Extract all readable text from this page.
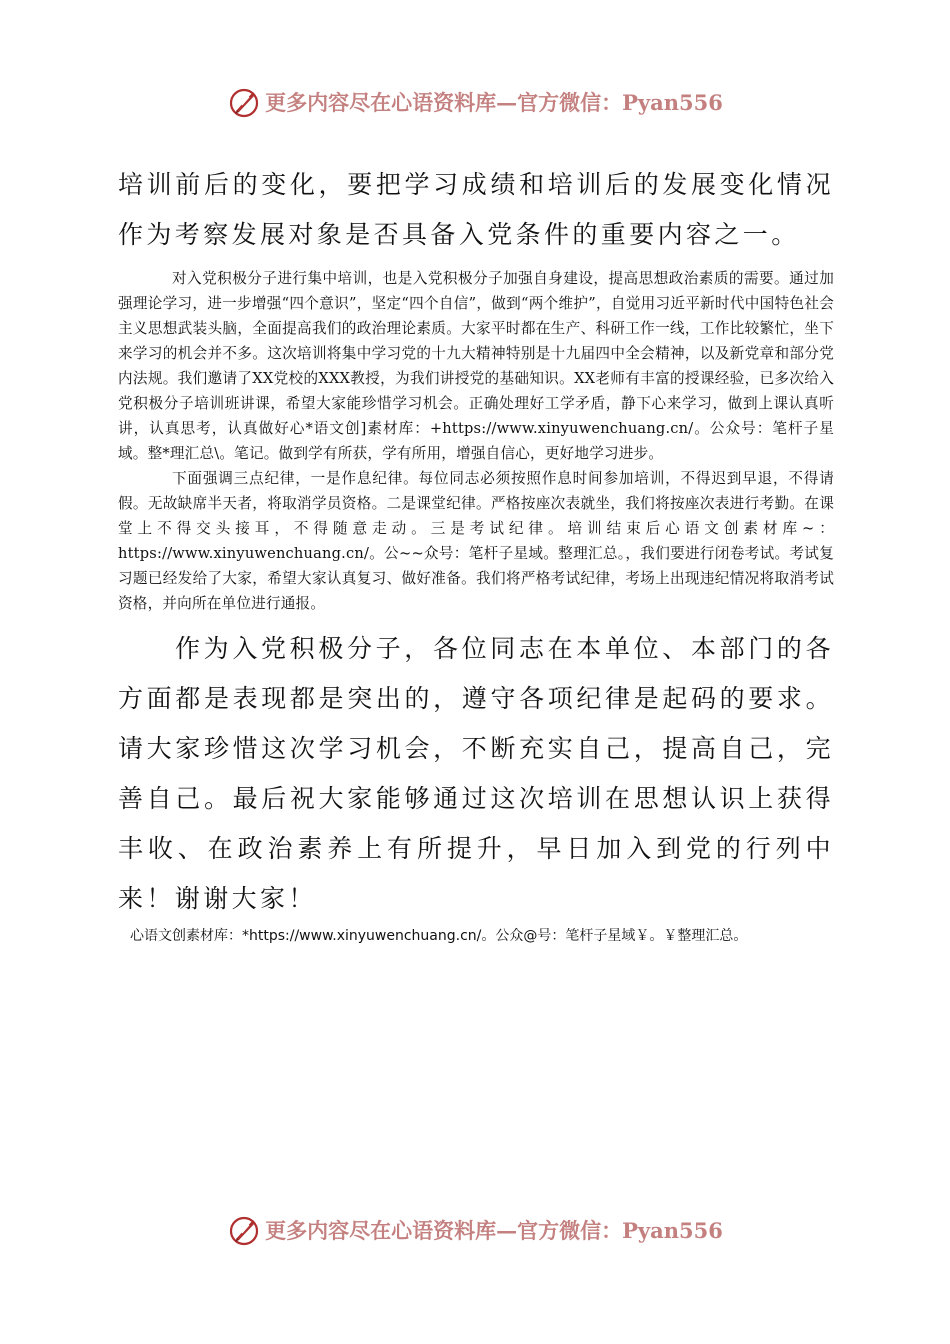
更多内容尽在心语资料库—官方微信：Pyan556

培训前后的变化，要把学习成绩和培训后的发展变化情况作为考察发展对象是否具备入党条件的重要内容之一。

对入党积极分子进行集中培训，也是入党积极分子加强自身建设，提高思想政治素质的需要。通过加强理论学习，进一步增强“四个意识”，坚定“四个自信”，做到“两个维护”，自觉用习近平新时代中国特色社会主义思想武装头脑，全面提高我们的政治理论素质。大家平时都在生产、科研工作一线，工作比较繁忙，坐下来学习的机会并不多。这次培训将集中学习党的十九大精神特别是十九届四中全会精神，以及新党章和部分党内法规。我们邀请了XX党校的XXX教授，为我们讲授党的基础知识。XX老师有丰富的授课经验，已多次给入党积极分子培训班讲课，希望大家能珍惜学习机会。正确处理好工学矛盾，静下心来学习，做到上课认真听讲，认真思考，认真做好心*语文创]素材库：+https://www.xinyuwenchuang.cn/。公众号：笔杆子星域。整*理汇总\。笔记。做到学有所获，学有所用，增强自信心，更好地学习进步。

下面强调三点纪律，一是作息纪律。每位同志必须按照作息时间参加培训，不得迟到早退，不得请假。无故缺席半天者，将取消学员资格。二是课堂纪律。严格按座次表就坐，我们将按座次表进行考勤。在课堂上不得交头接耳，不得随意走动。三是考试纪律。培训结束后心语文创素材库~：https://www.xinyuwenchuang.cn/。公~~众号：笔杆子星域。整理汇总。，我们要进行闭卷考试。考试复习题已经发给了大家，希望大家认真复习、做好准备。我们将严格考试纪律，考场上出现违纪情况将取消考试资格，并向所在单位进行通报。

作为入党积极分子，各位同志在本单位、本部门的各方面都是表现都是突出的，遵守各项纪律是起码的要求。请大家珍惜这次学习机会，不断充实自己，提高自己，完善自己。最后祝大家能够通过这次培训在思想认识上获得丰收、在政治素养上有所提升，早日加入到党的行列中来！谢谢大家！

心语文创素材库：*https://www.xinyuwenchuang.cn/。公众@号：笔杆子星域￥。￥整理汇总。

更多内容尽在心语资料库—官方微信：Pyan556
